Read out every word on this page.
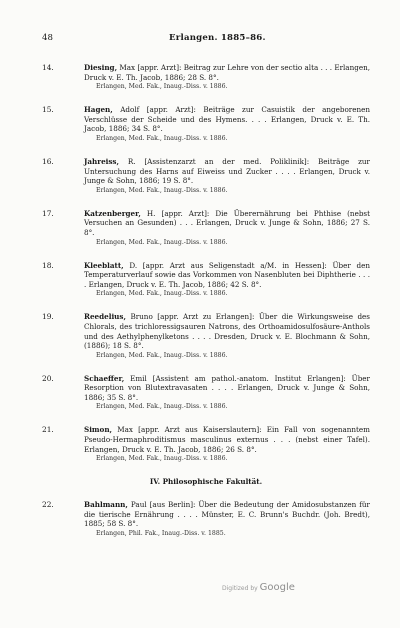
48	Erlangen. 1885–86.
14.	Diesing, Max [appr. Arzt]: Beitrag zur Lehre von der sectio alta . . . Erlangen, Druck v. E. Th. Jacob, 1886; 28 S. 8°.
Erlangen, Med. Fak., Inaug.-Diss. v. 1886.
15.	Hagen, Adolf [appr. Arzt]: Beiträge zur Casuistik der angeborenen Verschlüsse der Scheide und des Hymens. . . . Erlangen, Druck v. E. Th. Jacob, 1886; 34 S. 8°.
Erlangen, Med. Fak., Inaug.-Diss. v. 1886.
16.	Jahreiss, R. [Assistenzarzt an der med. Poliklinik]: Beiträge zur Untersuchung des Harns auf Eiweiss und Zucker . . . . Erlangen, Druck v. Junge & Sohn, 1886; 19 S. 8°.
Erlangen, Med. Fak., Inaug.-Diss. v. 1886.
17.	Katzenberger, H. [appr. Arzt]: Die Überernährung bei Phthise (nebst Versuchen an Gesunden) . . . Erlangen, Druck v. Junge & Sohn, 1886; 27 S. 8°.
Erlangen, Med. Fak., Inaug.-Diss. v. 1886.
18.	Kleeblatt, D. [appr. Arzt aus Seligenstadt a/M. in Hessen]: Über den Temperaturverlauf sowie das Vorkommen von Nasenbluten bei Diphtherie . . . . Erlangen, Druck v. E. Th. Jacob, 1886; 42 S. 8°.
Erlangen, Med. Fak., Inaug.-Diss. v. 1886.
19.	Reedelius, Bruno [appr. Arzt zu Erlangen]: Über die Wirkungsweise des Chlorals, des trichloressigsauren Natrons, des Orthoamidosulfosäure-Anthols und des Aethylphenylketons . . . . Dresden, Druck v. E. Blochmann & Sohn, (1886); 18 S. 8°.
Erlangen, Med. Fak., Inaug.-Diss. v. 1886.
20.	Schaeffer, Emil [Assistent am pathol.-anatom. Institut Erlangen]: Über Resorption von Blutextravasaten . . . . Erlangen, Druck v. Junge & Sohn, 1886; 35 S. 8°.
Erlangen, Med. Fak., Inaug.-Diss. v. 1886.
21.	Simon, Max [appr. Arzt aus Kaiserslautern]: Ein Fall von sogenanntem Pseudo-Hermaphroditismus masculinus externus . . . (nebst einer Tafel). Erlangen, Druck v. E. Th. Jacob, 1886; 26 S. 8°.
Erlangen, Med. Fak., Inaug.-Diss. v. 1886.
IV. Philosophische Fakultät.
22.	Bahlmann, Paul [aus Berlin]: Über die Bedeutung der Amidosubstanzen für die tierische Ernährung . . . . Münster, E. C. Brunn's Buchdr. (Joh. Bredt), 1885; 58 S. 8°.
Erlangen, Phil. Fak., Inaug.-Diss. v. 1885.
Digitized by Google
